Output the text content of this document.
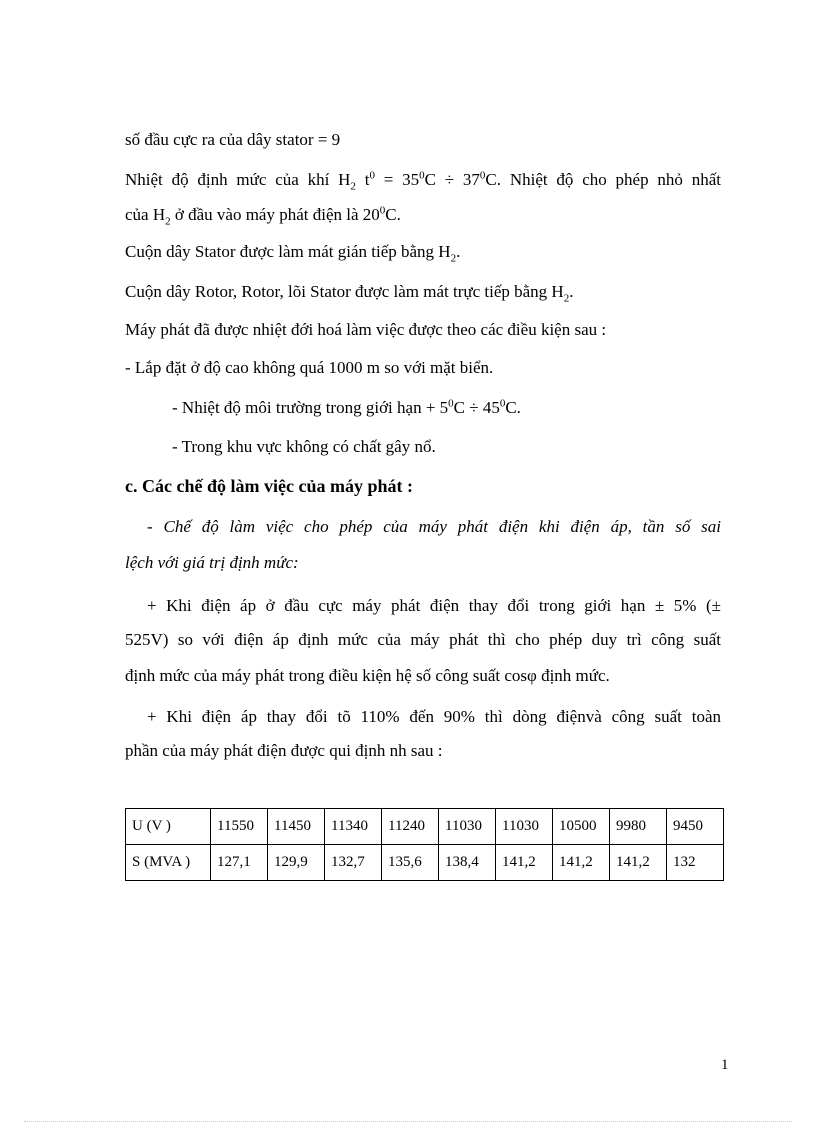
số đầu cực ra của dây stator = 9
Nhiệt độ định mức của khí $H_2$ $t^0 = 35^0C \div 37^0C$. Nhiệt độ cho phép nhỏ nhất
của $H_2$ ở đầu vào máy phát điện là $20^0C$.
Cuộn dây Stator được làm mát gián tiếp bằng $H_2$.
Cuộn dây Rotor, Rotor, lõi Stator được làm mát trực tiếp bằng $H_2$.
Máy phát đã được nhiệt đới hoá làm việc được theo các điều kiện sau :
- Lắp đặt ở độ cao không quá 1000 m so với mặt biển.
- Nhiệt độ môi trường trong giới hạn + $5^0C \div 45^0C$.
- Trong khu vực không có chất gây nổ.
c. Các chế độ làm việc của máy phát :
- Chế độ làm việc cho phép của máy phát điện khi điện áp, tần số sai
lệch với giá trị định mức:
+ Khi điện áp ở đầu cực máy phát điện thay đổi trong giới hạn ± 5% (±
525V) so với điện áp định mức của máy phát thì cho phép duy trì công suất
định mức của máy phát trong điều kiện hệ số công suất cosφ định mức.
+ Khi điện áp thay đổi tõ 110% đến 90% thì dòng điệnvà công suất toàn
phần của máy phát điện được qui định nh sau :
U (V )	11550	11450	11340	11240	11030	11030	10500	9980	9450
S (MVA )	127,1	129,9	132,7	135,6	138,4	141,2	141,2	141,2	132
1
